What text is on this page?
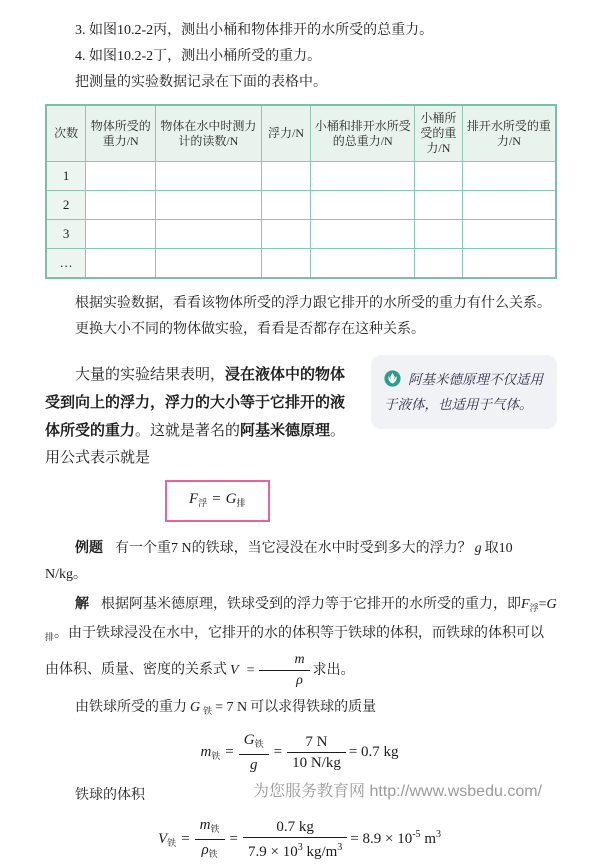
3. 如图10.2-2丙，测出小桶和物体排开的水所受的总重力。

4. 如图10.2-2丁，测出小桶所受的重力。

把测量的实验数据记录在下面的表格中。

次数	物体所受的重力/N	物体在水中时测力计的读数/N	浮力/N	小桶和排开水所受的总重力/N	小桶所受的重力/N	排开水所受的重力/N
1						
2						
3						
…						

根据实验数据，看看该物体所受的浮力跟它排开的水所受的重力有什么关系。更换大小不同的物体做实验，看看是否都存在这种关系。

阿基米德原理不仅适用于液体，也适用于气体。

大量的实验结果表明，浸在液体中的物体受到向上的浮力，浮力的大小等于它排开的液体所受的重力。这就是著名的阿基米德原理。用公式表示就是

$F_浮 = G_排$

例题 有一个重7 N的铁球，当它浸没在水中时受到多大的浮力？ g 取10 N/kg。

解 根据阿基米德原理，铁球受到的浮力等于它排开的水所受的重力，即$F_浮=G_排$。由于铁球浸没在水中，它排开的水的体积等于铁球的体积，而铁球的体积可以由体积、质量、密度的关系式 $V = \frac{m}{\rho}$ 求出。

由铁球所受的重力 G $_铁$ = 7 N 可以求得铁球的质量

$m_铁 = \frac{G_铁}{g} = \frac{7 N}{10 N/kg} = 0.7$ kg

铁球的体积

$V_铁 = \frac{m_铁}{\rho_铁} = \frac{0.7 kg}{7.9 \times 10^3 kg/m^3} = 8.9 \times 10^{-5}$ $m^3$
为您服务教育网 http://www.wsbedu.com/
